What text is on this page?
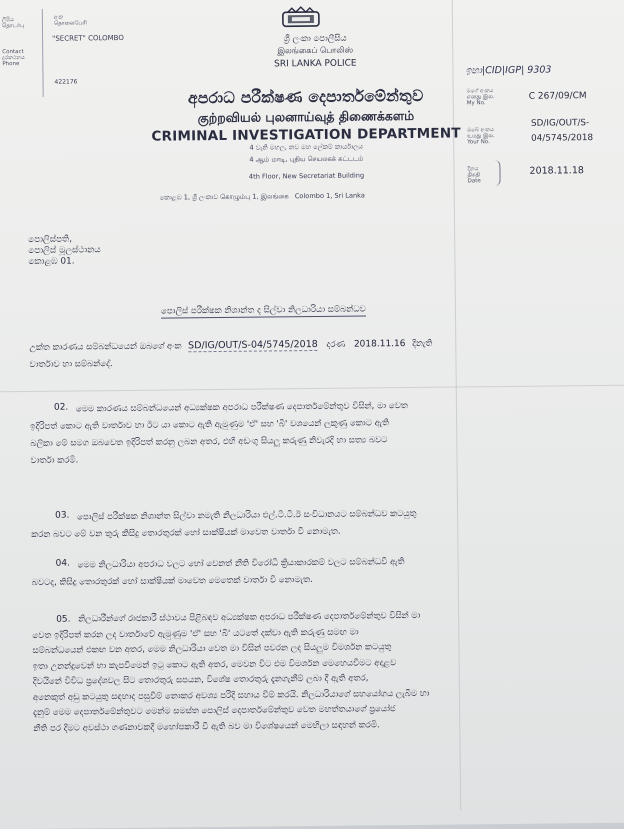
ලිපිය
தொடர்பு
Contact
දුරකථනය
Phone
අංක
தொலைபேசி
"SECRET" COLOMBO
422176
ශ්‍රී ලංකා පොලීසිය
இலங்கைப் பொலிஸ்
SRI LANKA POLICE
අපරාධ පරීක්ෂණ දෙපාර්තමේන්තුව
குற்றவியல் புலனாய்வுத் திணைக்களம்
CRIMINAL INVESTIGATION DEPARTMENT
4 වැනි මහල, නව මහ ලේකම් කාර්යාලය
4 ஆம் மாடி, புதிய செயலகக் கட்டடம்
4th Floor, New Secretariat Building
කොළඹ 1, ශ්‍රී ලංකාව கொழும்பு 1, இலங்கை Colombo 1, Sri Lanka
ඉහා|CID|IGP| 9303
මගේ අංකය
எனது இல.
My No.
C 267/09/CM
ඔබේ අංකය
உமது இல.
Your No.
SD/IG/OUT/S-
04/5745/2018
දිනය
திகதி
Date
2018.11.18
පොලිස්පති,
පොලිස් මූලස්ථානය
කොළඹ 01.
පොලිස් පරීක්ෂක නිශාන්ත ද සිල්වා නිලධාරියා සම්බන්ධව
උක්ත කාරණය සම්බන්ධයෙන් ඔබගේ අංක SD/IG/OUT/S-04/5745/2018 දරණ 2018.11.16 දිනැති
වාර්තාව හා සම්බන්දේ.
02. මෙම කාරණය සම්බන්ධයෙන් අධ්‍යක්ෂක අපරාධ පරීක්ෂණ දෙපාර්තමේන්තුව විසින්, මා වෙත
ඉදිරිපත් කොට ඇති වාර්තාව හා ඊට යා කොට ඇති ඇමුණුම 'ඒ' සහ 'බී' වශයෙන් ලකුණු කොට ඇති
බලිකා මේ සමග ඔබවෙත ඉදිරිපත් කරනු ලබන අතර, එහි අඩංගු සියලු කරුණු නිවැරදි හා සත්‍ය බවට
වාර්තා කරමි.
03. පොලිස් පරීක්ෂක නිශාන්ත සිල්වා නමැති නිලධාරියා එල්.ටී.ටී.ඊ සංවිධානයට සම්බන්ධව කටයුතු
කරන බවට මේ වන තුරු කිසිදු තොරතුරක් හෝ සාක්ෂියක් මාවෙත වාර්තා වී නොමැත.
04. මෙම නිලධාරියා අපරාධ වලට හෝ වෙනත් නීති විරෝධී ක්‍රියාකාරකම් වලට සම්බන්ධවී ඇති
බවටද, කිසිදු තොරතුරක් හෝ සාක්ෂියක් මාවෙත මෙතෙක් වාර්තා වී නොමැත.
05. නිලධාරීන්ගේ රාජකාරී ස්ථාවය පිළිබඳව අධ්‍යක්ෂක අපරාධ පරීක්ෂණ දෙපාර්තමේන්තුව විසින් මා
වෙත ඉදිරිපත් කරන ලද වාර්තාවේ ඇමුණුම 'ඒ' සහ 'බී' යටතේ දක්වා ඇති කරුණු සමඟ මා
සම්බන්ධයෙන් එකඟ වන අතර, මෙම නිලධාරියා වෙත මා විසින් පවරන ලද සියලුම විමර්ශන කටයුතු
ඉතා උනන්දුවෙන් හා කැපවීමෙන් ඉටු කොට ඇති අතර, මෙවන විට එම විමර්ශන මෙහෙයවීමට අදාළව
දිවයිනේ විවිධ ප්‍රදේශවල සිට තොරතුරු සපයන, විශේෂ තොරතුරු දැනගැනීම් ලබා දී ඇති අතර,
අනෙකුත් අඩු කටයුතු සඳහාද පසුවීම් නොකර අවශ්‍ය පරිදි සහාය වීම් කරයි. නිලධාරියාගේ සහයෝගය ලැබීම හා
දැනුම් මෙම දෙපාර්තමේන්තුවට මෙන්ම සමස්ත පොලිස් දෙපාර්තමේන්තුව වෙත මහත්තයාගේ ප්‍රයෝජ
නීති පර දීමට අවස්ථා ගණනාවකදී මහෝපකාරී වී ඇති බව මා විශේෂයෙන් මෙහිලා සඳහන් කරමි.
